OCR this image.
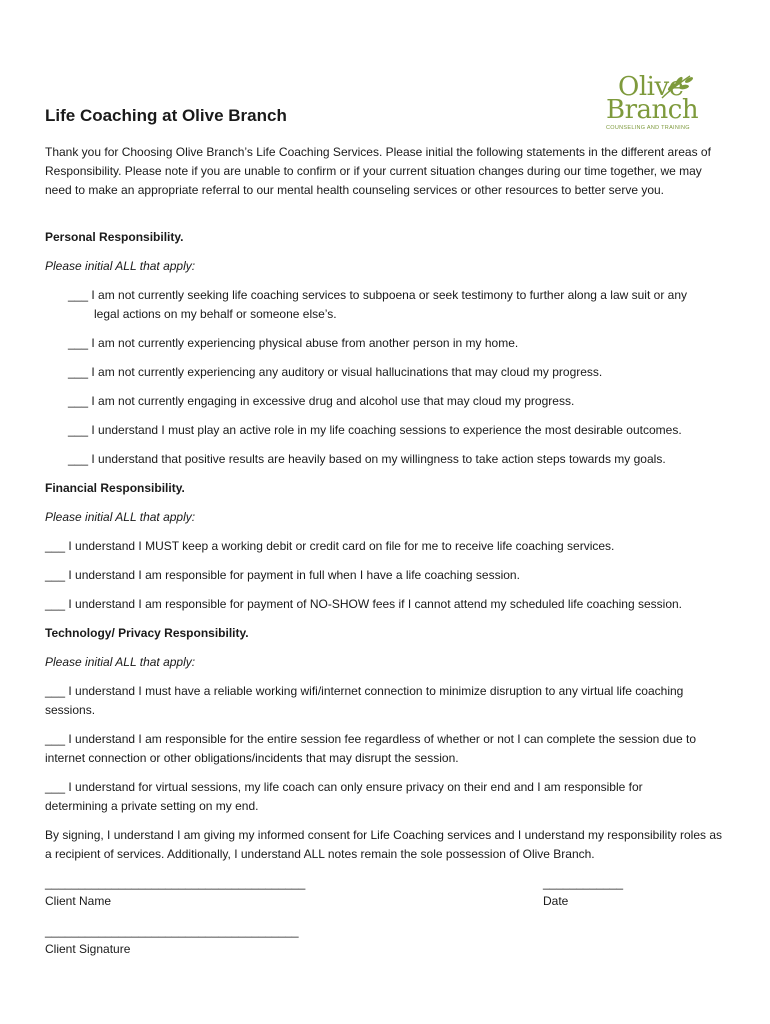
Olive
Branch
COUNSELING AND TRAINING
Life Coaching at Olive Branch
Thank you for Choosing Olive Branch’s Life Coaching Services. Please initial the following statements in the different areas of Responsibility. Please note if you are unable to confirm or if your current situation changes during our time together, we may need to make an appropriate referral to our mental health counseling services or other resources to better serve you.
Personal Responsibility.
Please initial ALL that apply:
___ I am not currently seeking life coaching services to subpoena or seek testimony to further along a law suit or any
legal actions on my behalf or someone else’s.
___ I am not currently experiencing physical abuse from another person in my home.
___ I am not currently experiencing any auditory or visual hallucinations that may cloud my progress.
___ I am not currently engaging in excessive drug and alcohol use that may cloud my progress.
___ I understand I must play an active role in my life coaching sessions to experience the most desirable outcomes.
___ I understand that positive results are heavily based on my willingness to take action steps towards my goals.
Financial Responsibility.
Please initial ALL that apply:
___ I understand I MUST keep a working debit or credit card on file for me to receive life coaching services.
___ I understand I am responsible for payment in full when I have a life coaching session.
___ I understand I am responsible for payment of NO-SHOW fees if I cannot attend my scheduled life coaching session.
Technology/ Privacy Responsibility.
Please initial ALL that apply:
___ I understand I must have a reliable working wifi/internet connection to minimize disruption to any virtual life coaching sessions.
___ I understand I am responsible for the entire session fee regardless of whether or not I can complete the session due to internet connection or other obligations/incidents that may disrupt the session.
___ I understand for virtual sessions, my life coach can only ensure privacy on their end and I am responsible for determining a private setting on my end.
By signing, I understand I am giving my informed consent for Life Coaching services and I understand my responsibility roles as a recipient of services. Additionally, I understand ALL notes remain the sole possession of Olive Branch.
_______________________________________
Client Name
____________
Date
______________________________________
Client Signature
